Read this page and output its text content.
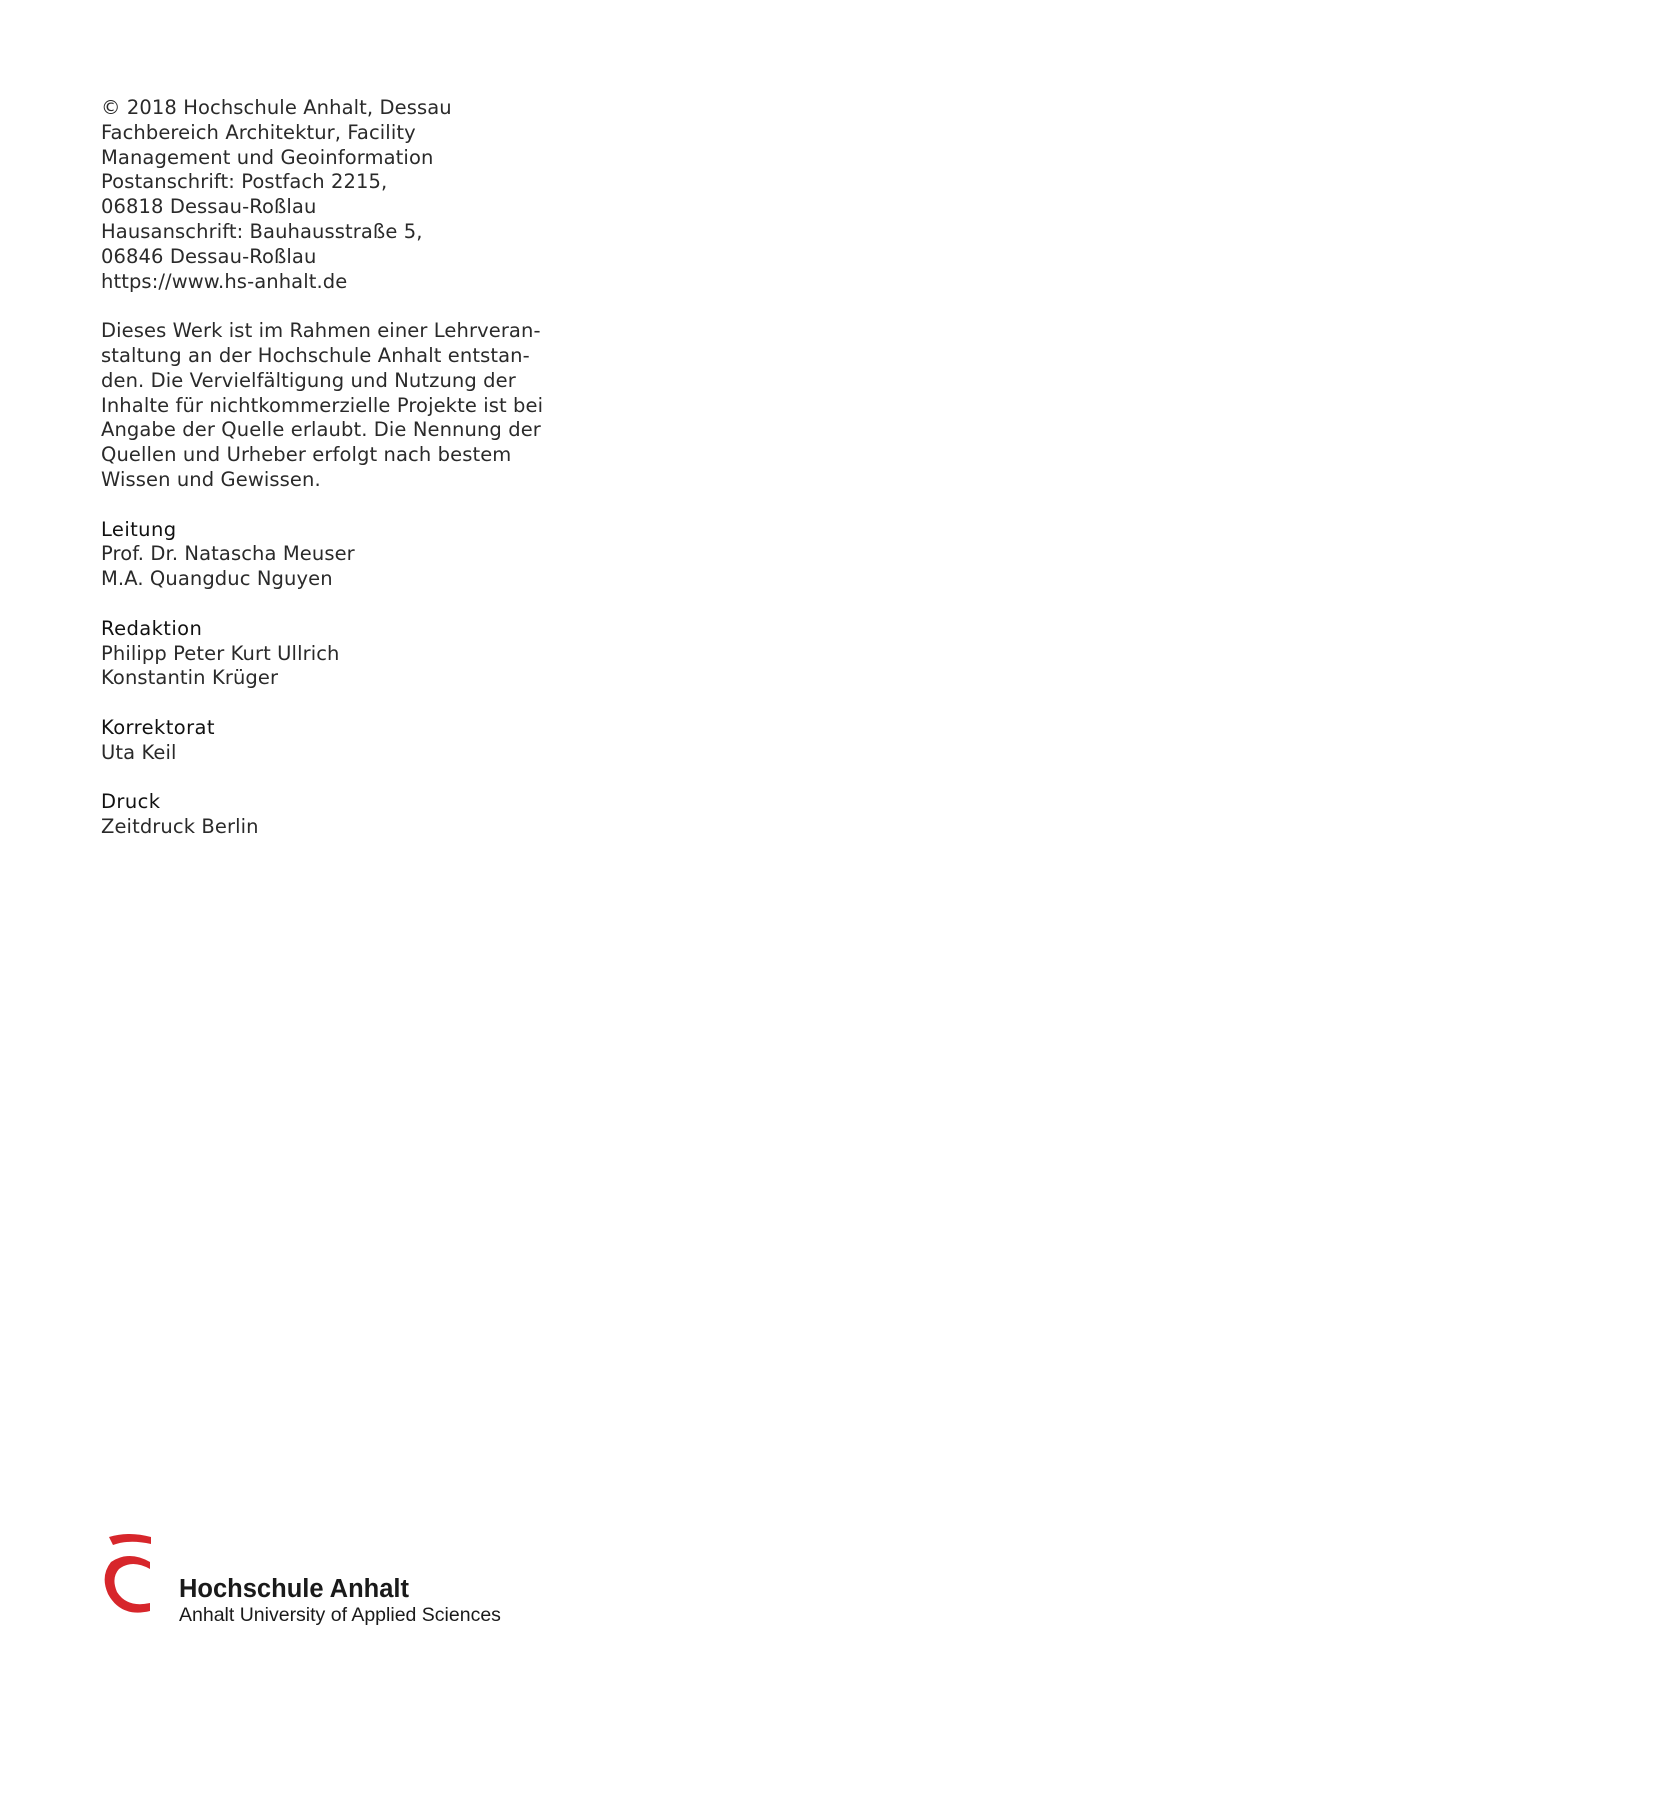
© 2018 Hochschule Anhalt, Dessau
Fachbereich Architektur, Facility
Management und Geoinformation
Postanschrift: Postfach 2215,
06818 Dessau-Roßlau
Hausanschrift: Bauhausstraße 5,
06846 Dessau-Roßlau
https://www.hs-anhalt.de
Dieses Werk ist im Rahmen einer Lehrveran-
staltung an der Hochschule Anhalt entstan-
den. Die Vervielfältigung und Nutzung der
Inhalte für nichtkommerzielle Projekte ist bei
Angabe der Quelle erlaubt. Die Nennung der
Quellen und Urheber erfolgt nach bestem
Wissen und Gewissen.
Leitung
Prof. Dr. Natascha Meuser
M.A. Quangduc Nguyen
Redaktion
Philipp Peter Kurt Ullrich
Konstantin Krüger
Korrektorat
Uta Keil
Druck
Zeitdruck Berlin
Hochschule Anhalt
Anhalt University of Applied Sciences
